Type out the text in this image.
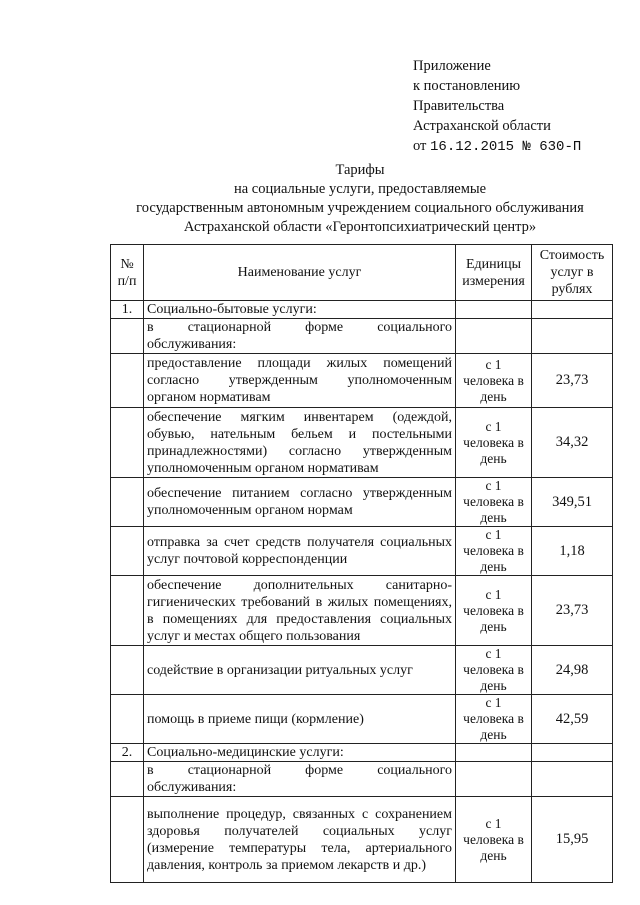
Приложение
к постановлению
Правительства
Астраханской области
от 16.12.2015 № 630-П
Тарифы
на социальные услуги, предоставляемые
государственным автономным учреждением социального обслуживания
Астраханской области «Геронтопсихиатрический центр»
№ п/п	Наименование услуг	Единицы измерения	Стоимость услуг в рублях
1.	Социально-бытовые услуги:		
	в стационарной форме социального обслуживания:		
	предоставление площади жилых помещений согласно утвержденным уполномоченным органом нормативам	с 1 человека в день	23,73
	обеспечение мягким инвентарем (одеждой, обувью, нательным бельем и постельными принадлежностями) согласно утвержденным уполномоченным органом нормативам	с 1 человека в день	34,32
	обеспечение питанием согласно утвержденным уполномоченным органом нормам	с 1 человека в день	349,51
	отправка за счет средств получателя социальных услуг почтовой корреспонденции	с 1 человека в день	1,18
	обеспечение дополнительных санитарно-гигиенических требований в жилых помещениях, в помещениях для предоставления социальных услуг и местах общего пользования	с 1 человека в день	23,73
	содействие в организации ритуальных услуг	с 1 человека в день	24,98
	помощь в приеме пищи (кормление)	с 1 человека в день	42,59
2.	Социально-медицинские услуги:		
	в стационарной форме социального обслуживания:		
	выполнение процедур, связанных с сохранением здоровья получателей социальных услуг (измерение температуры тела, артериального давления, контроль за приемом лекарств и др.)	с 1 человека в день	15,95
